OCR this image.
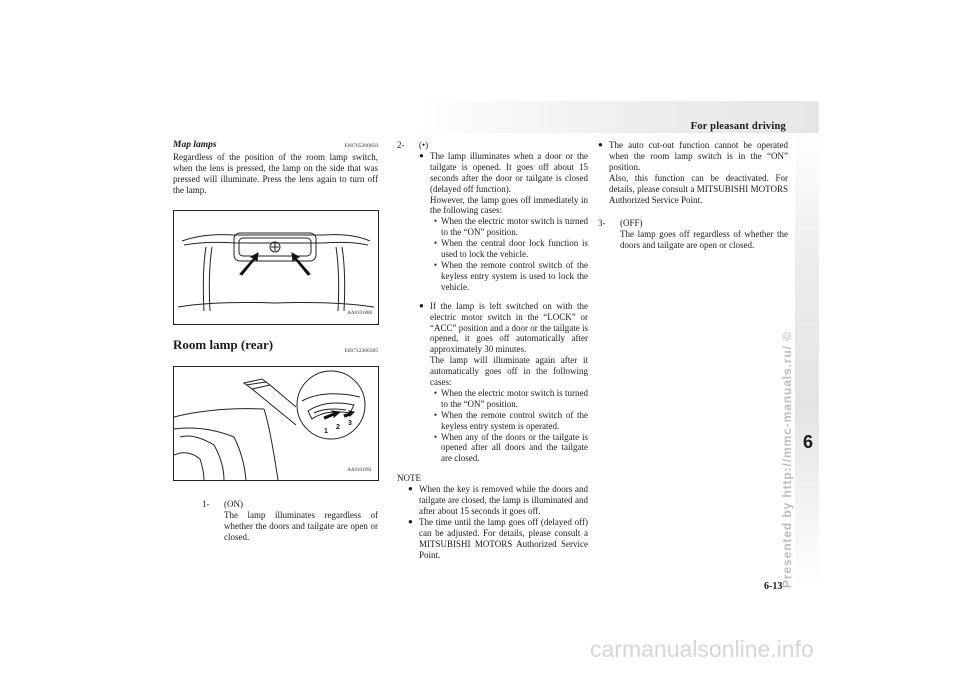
For pleasant driving
6
6-13
Presented by http://mmc-manuals.ru/ ©
carmanualsonline.info
Map lamps	E00765200058

Regardless of the position of the room lamp switch, when the lens is pressed, the lamp on the side that was pressed will illuminate. Press the lens again to turn off the lamp.

AA0101888
Room lamp (rear)	E00712300385
1
2
3
AA0101891
1-	(ON)

The lamp illuminates regardless of whether the doors and tailgate are open or closed.

2-	(•)

● The lamp illuminates when a door or the tailgate is opened. It goes off about 15 seconds after the door or tailgate is closed (delayed off function).

However, the lamp goes off immediately in the following cases:

• When the electric motor switch is turned to the “ON” position.
• When the central door lock function is used to lock the vehicle.
• When the remote control switch of the keyless entry system is used to lock the vehicle.
● If the lamp is left switched on with the electric motor switch in the “LOCK” or “ACC” position and a door or the tailgate is opened, it goes off automatically after approximately 30 minutes.

The lamp will illuminate again after it automatically goes off in the following cases:

• When the electric motor switch is turned to the “ON” position.
• When the remote control switch of the keyless entry system is operated.
• When any of the doors or the tailgate is opened after all doors and the tailgate are closed.

NOTE

● When the key is removed while the doors and tailgate are closed, the lamp is illuminated and after about 15 seconds it goes off.

● The time until the lamp goes off (delayed off) can be adjusted. For details, please consult a MITSUBISHI MOTORS Authorized Service Point.

● The auto cut-out function cannot be operated when the room lamp switch is in the “ON” position.

Also, this function can be deactivated. For details, please consult a MITSUBISHI MOTORS Authorized Service Point.

3-	(OFF)

The lamp goes off regardless of whether the doors and tailgate are open or closed.
